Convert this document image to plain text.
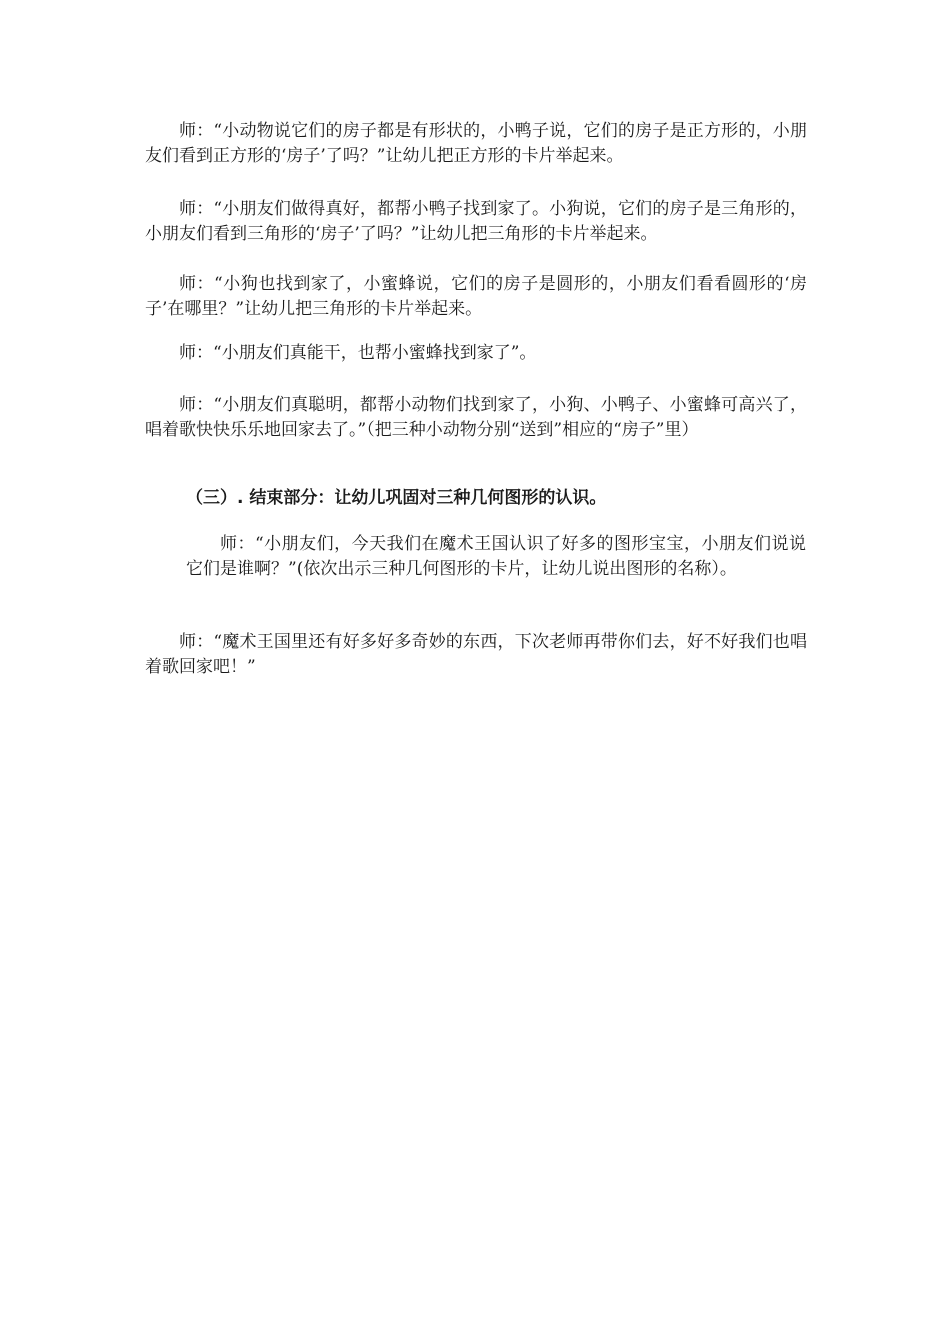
师：“小动物说它们的房子都是有形状的，小鸭子说，它们的房子是正方形的，小朋友们看到正方形的‘房子’了吗？”让幼儿把正方形的卡片举起来。

师：“小朋友们做得真好，都帮小鸭子找到家了。小狗说，它们的房子是三角形的，小朋友们看到三角形的‘房子’了吗？”让幼儿把三角形的卡片举起来。

师：“小狗也找到家了，小蜜蜂说，它们的房子是圆形的，小朋友们看看圆形的‘房子’在哪里？”让幼儿把三角形的卡片举起来。

师：“小朋友们真能干，也帮小蜜蜂找到家了”。

师：“小朋友们真聪明，都帮小动物们找到家了，小狗、小鸭子、小蜜蜂可高兴了，唱着歌快快乐乐地回家去了。”（把三种小动物分别“送到”相应的“房子”里）

（三）. 结束部分：让幼儿巩固对三种几何图形的认识。

师：“小朋友们，今天我们在魔术王国认识了好多的图形宝宝，小朋友们说说它们是谁啊？”(依次出示三种几何图形的卡片，让幼儿说出图形的名称）。

师：“魔术王国里还有好多好多奇妙的东西，下次老师再带你们去，好不好我们也唱着歌回家吧！”
